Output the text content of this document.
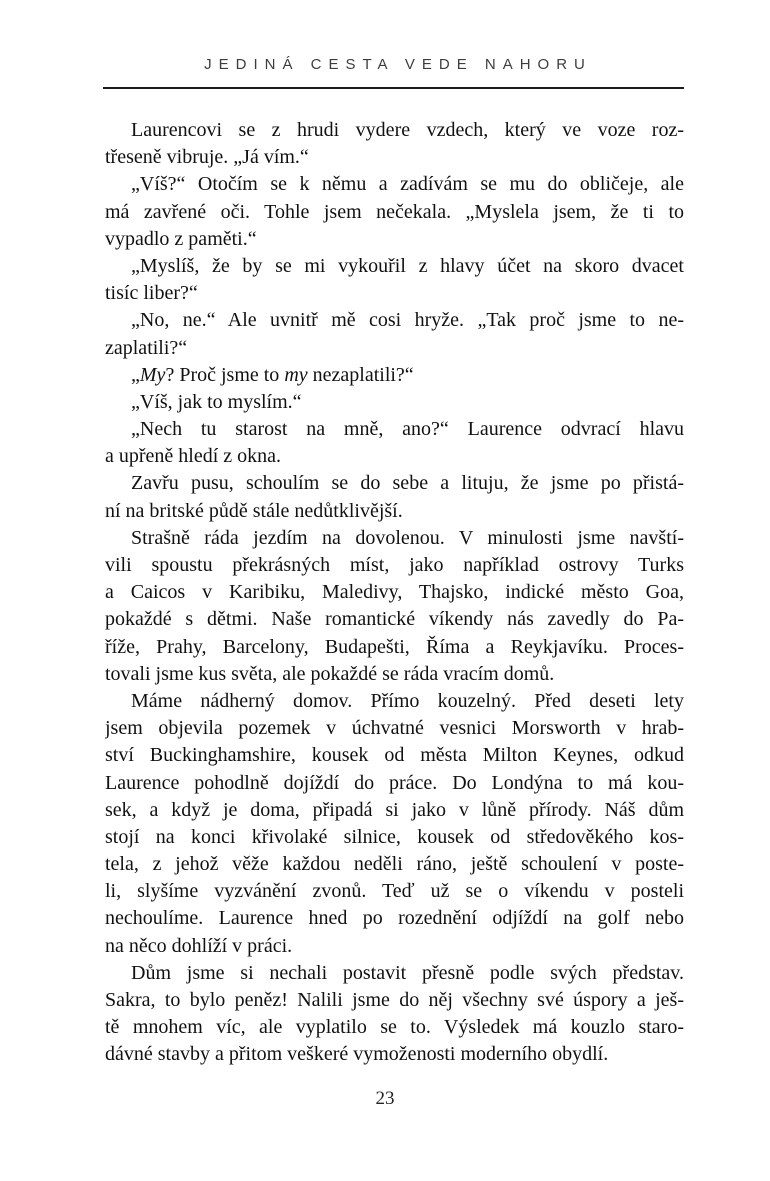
JEDINÁ CESTA VEDE NAHORU
Laurencovi se z hrudi vydere vzdech, který ve voze roz-
třeseně vibruje. „Já vím.“
„Víš?“ Otočím se k němu a zadívám se mu do obličeje, ale
má zavřené oči. Tohle jsem nečekala. „Myslela jsem, že ti to
vypadlo z paměti.“
„Myslíš, že by se mi vykouřil z hlavy účet na skoro dvacet
tisíc liber?“
„No, ne.“ Ale uvnitř mě cosi hryže. „Tak proč jsme to ne-
zaplatili?“
„My? Proč jsme to my nezaplatili?“
„Víš, jak to myslím.“
„Nech tu starost na mně, ano?“ Laurence odvrací hlavu
a upřeně hledí z okna.
Zavřu pusu, schoulím se do sebe a lituju, že jsme po přistá-
ní na britské půdě stále nedůtklivější.
Strašně ráda jezdím na dovolenou. V minulosti jsme navští-
vili spoustu překrásných míst, jako například ostrovy Turks
a Caicos v Karibiku, Maledivy, Thajsko, indické město Goa,
pokaždé s dětmi. Naše romantické víkendy nás zavedly do Pa-
říže, Prahy, Barcelony, Budapešti, Říma a Reykjavíku. Proces-
tovali jsme kus světa, ale pokaždé se ráda vracím domů.
Máme nádherný domov. Přímo kouzelný. Před deseti lety
jsem objevila pozemek v úchvatné vesnici Morsworth v hrab-
ství Buckinghamshire, kousek od města Milton Keynes, odkud
Laurence pohodlně dojíždí do práce. Do Londýna to má kou-
sek, a když je doma, připadá si jako v lůně přírody. Náš dům
stojí na konci křivolaké silnice, kousek od středověkého kos-
tela, z jehož věže každou neděli ráno, ještě schoulení v poste-
li, slyšíme vyzvánění zvonů. Teď už se o víkendu v posteli
nechoulíme. Laurence hned po rozednění odjíždí na golf nebo
na něco dohlíží v práci.
Dům jsme si nechali postavit přesně podle svých představ.
Sakra, to bylo peněz! Nalili jsme do něj všechny své úspory a ješ-
tě mnohem víc, ale vyplatilo se to. Výsledek má kouzlo staro-
dávné stavby a přitom veškeré vymoženosti moderního obydlí.
23
